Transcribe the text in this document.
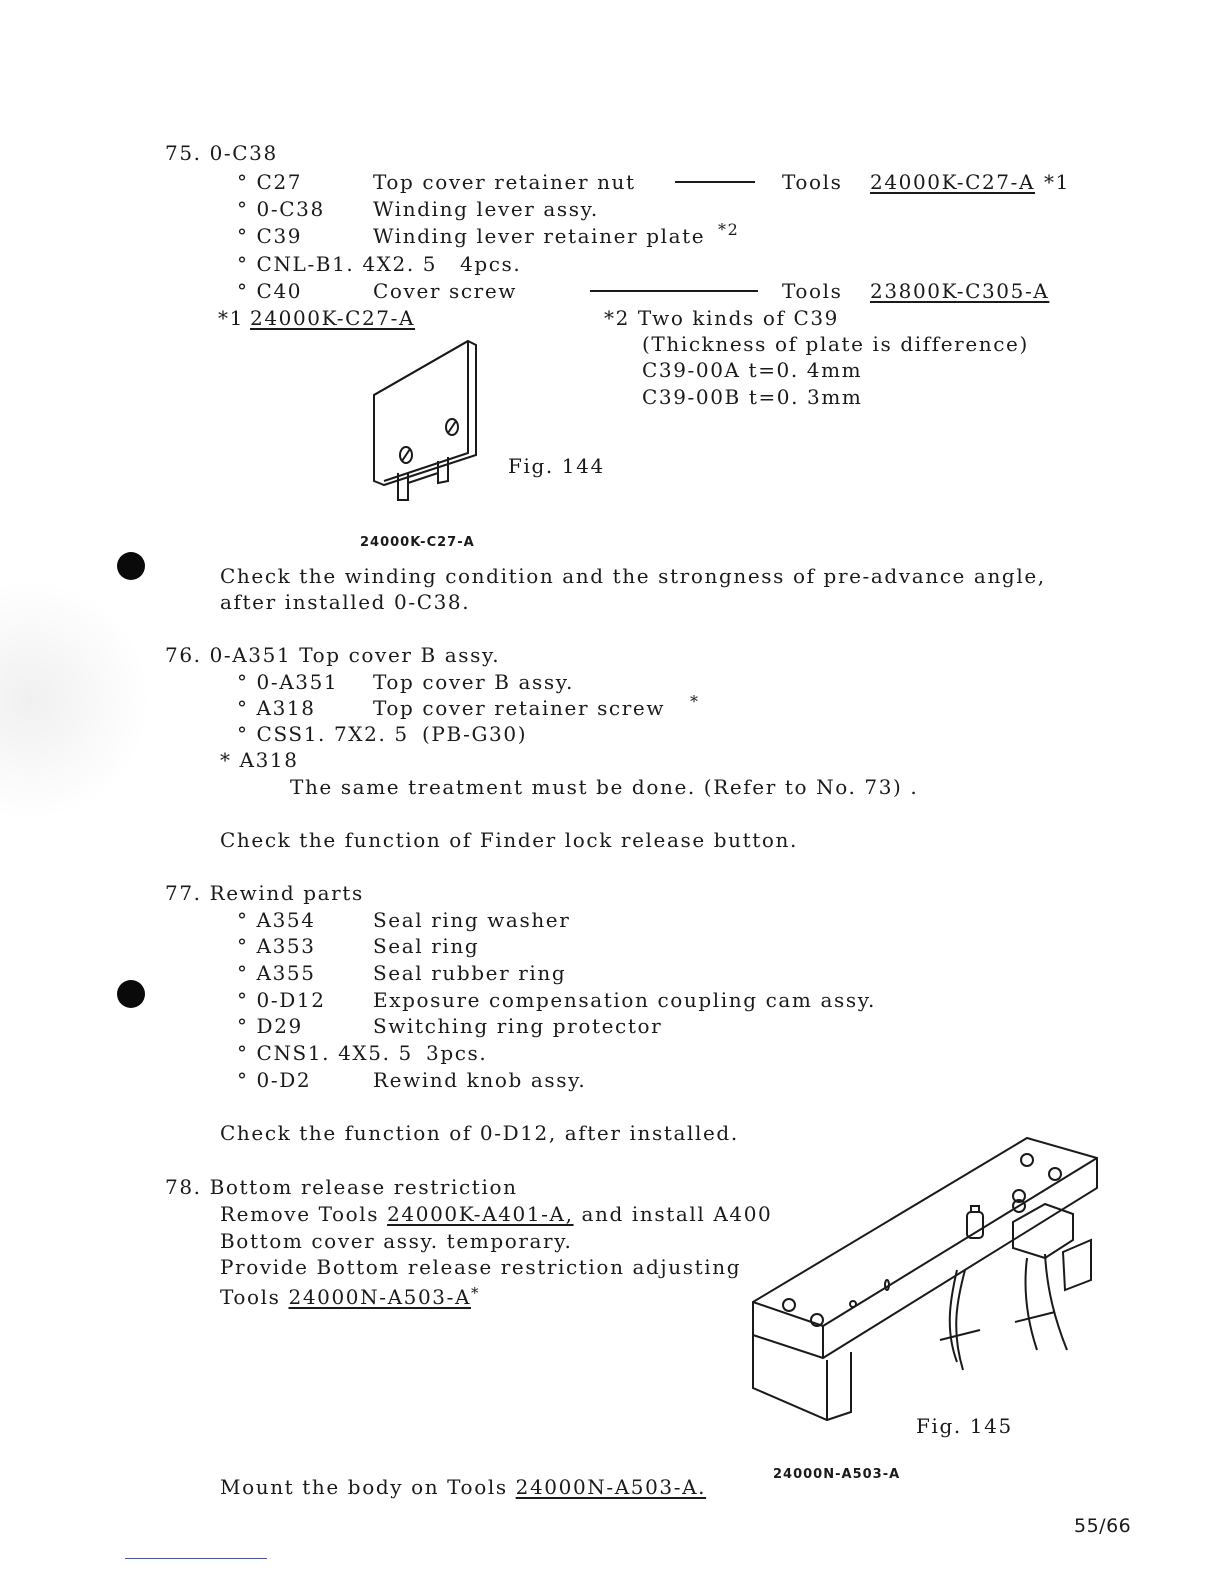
75. 0-C38
° C27	Top cover retainer nut	Tools 24000K-C27-A *1
° 0-C38 Winding lever assy.
° C39	Winding lever retainer plate *2
° CNL-B1. 4X2. 5 4pcs.
° C40	Cover screw	Tools 23800K-C305-A
*1 24000K-C27-A	*2 Two kinds of C39
(Thickness of plate is difference)
C39-00A t=0. 4mm
C39-00B t=0. 3mm
Fig. 144
24000K-C27-A
Check the winding condition and the strongness of pre-advance angle,
after installed 0-C38.
76. 0-A351 Top cover B assy.
° 0-A351 Top cover B assy.
° A318	Top cover retainer screw *
° CSS1. 7X2. 5 (PB-G30)
* A318
The same treatment must be done. (Refer to No. 73) .
Check the function of Finder lock release button.
77. Rewind parts
° A354	Seal ring washer
° A353	Seal ring
° A355	Seal rubber ring
° 0-D12 Exposure compensation coupling cam assy.
° D29	Switching ring protector
° CNS1. 4X5. 5 3pcs.
° 0-D2	Rewind knob assy.
Check the function of 0-D12, after installed.
78. Bottom release restriction
Remove Tools 24000K-A401-A, and install A400
Bottom cover assy. temporary.
Provide Bottom release restriction adjusting
Tools 24000N-A503-A*
Fig. 145
24000N-A503-A
Mount the body on Tools 24000N-A503-A.
55/66
